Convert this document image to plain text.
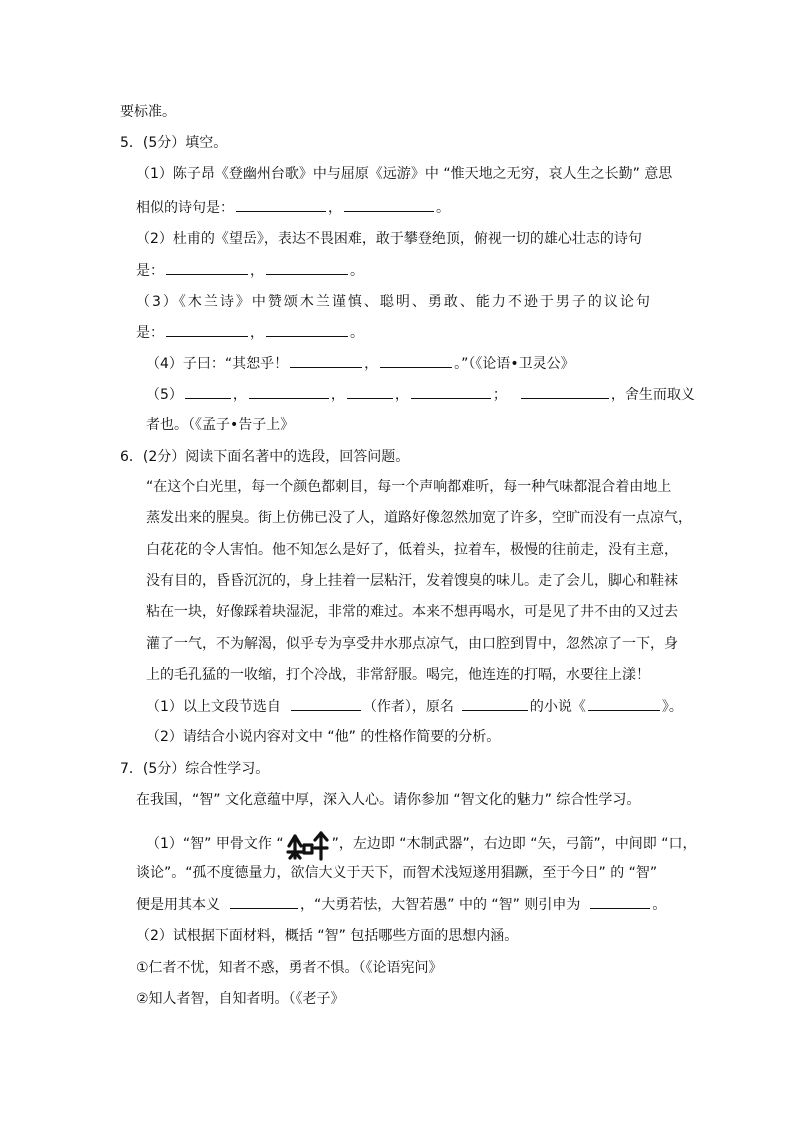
要标准。
5．(5分）填空。
（1）陈子昂《登幽州台歌》中与屈原《远游》中 “惟天地之无穷，哀人生之长勤” 意思
相似的诗句是：	，	。
（2）杜甫的《望岳》，表达不畏困难，敢于攀登绝顶，俯视一切的雄心壮志的诗句
是：	，	。
（3）《木兰诗》中赞颂木兰谨慎、聪明、勇敢、能力不逊于男子的议论句
是：	，	。
（4）子曰：“其恕乎！	，	。”（《论语•卫灵公》
（5）	，	，	，	；	，舍生而取义
者也。（《孟子•告子上》
6．(2分）阅读下面名著中的选段，回答问题。
“在这个白光里，每一个颜色都刺目，每一个声响都难听，每一种气味都混合着由地上
蒸发出来的腥臭。街上仿佛已没了人，道路好像忽然加宽了许多，空旷而没有一点凉气，
白花花的令人害怕。他不知怎么是好了，低着头，拉着车，极慢的往前走，没有主意，
没有目的，昏昏沉沉的，身上挂着一层粘汗，发着馊臭的味儿。走了会儿，脚心和鞋袜
粘在一块，好像踩着块湿泥，非常的难过。本来不想再喝水，可是见了井不由的又过去
灌了一气，不为解渴，似乎专为享受井水那点凉气，由口腔到胃中，忽然凉了一下，身
上的毛孔猛的一收缩，打个冷战，非常舒服。喝完，他连连的打嗝，水要往上漾！
（1）以上文段节选自	（作者），原名	的小说《	》。
（2）请结合小说内容对文中 “他” 的性格作简要的分析。
7．(5分）综合性学习。
在我国，“智” 文化意蕴中厚，深入人心。请你参加 “智文化的魅力” 综合性学习。
（1）“智” 甲骨文作 “	”，左边即 “木制武器”，右边即 “矢，弓箭”，中间即 “口，
谈论”。“孤不度德量力，欲信大义于天下，而智术浅短遂用猖蹶，至于今日” 的 “智”
便是用其本义	，“大勇若怯，大智若愚” 中的 “智” 则引申为	。
（2）试根据下面材料，概括 “智” 包括哪些方面的思想内涵。
①仁者不忧，知者不惑，勇者不惧。（《论语宪问》
②知人者智，自知者明。（《老子》
